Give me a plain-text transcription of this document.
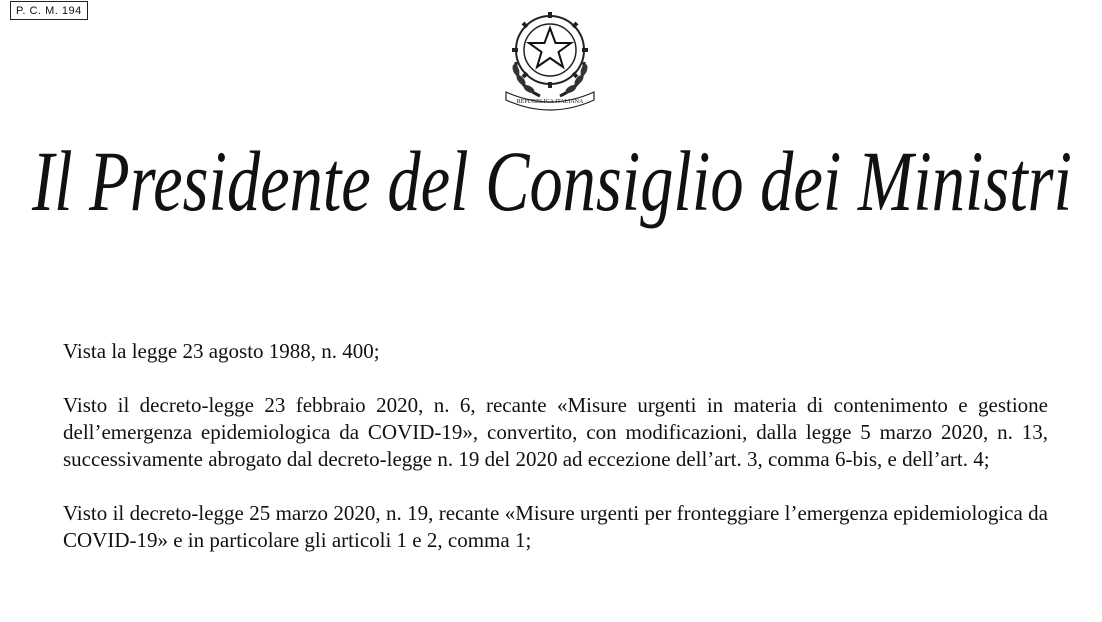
P. C. M. 194
REPUBBLICA ITALIANA
Il Presidente del Consiglio dei Ministri

Vista la legge 23 agosto 1988, n. 400;

Visto il decreto-legge 23 febbraio 2020, n. 6, recante «Misure urgenti in materia di contenimento e gestione dell’emergenza epidemiologica da COVID-19», convertito, con modificazioni, dalla legge 5 marzo 2020, n. 13, successivamente abrogato dal decreto-legge n. 19 del 2020 ad eccezione dell’art. 3, comma 6-bis, e dell’art. 4;

Visto il decreto-legge 25 marzo 2020, n. 19, recante «Misure urgenti per fronteggiare l’emergenza epidemiologica da COVID-19» e in particolare gli articoli 1 e 2, comma 1;
